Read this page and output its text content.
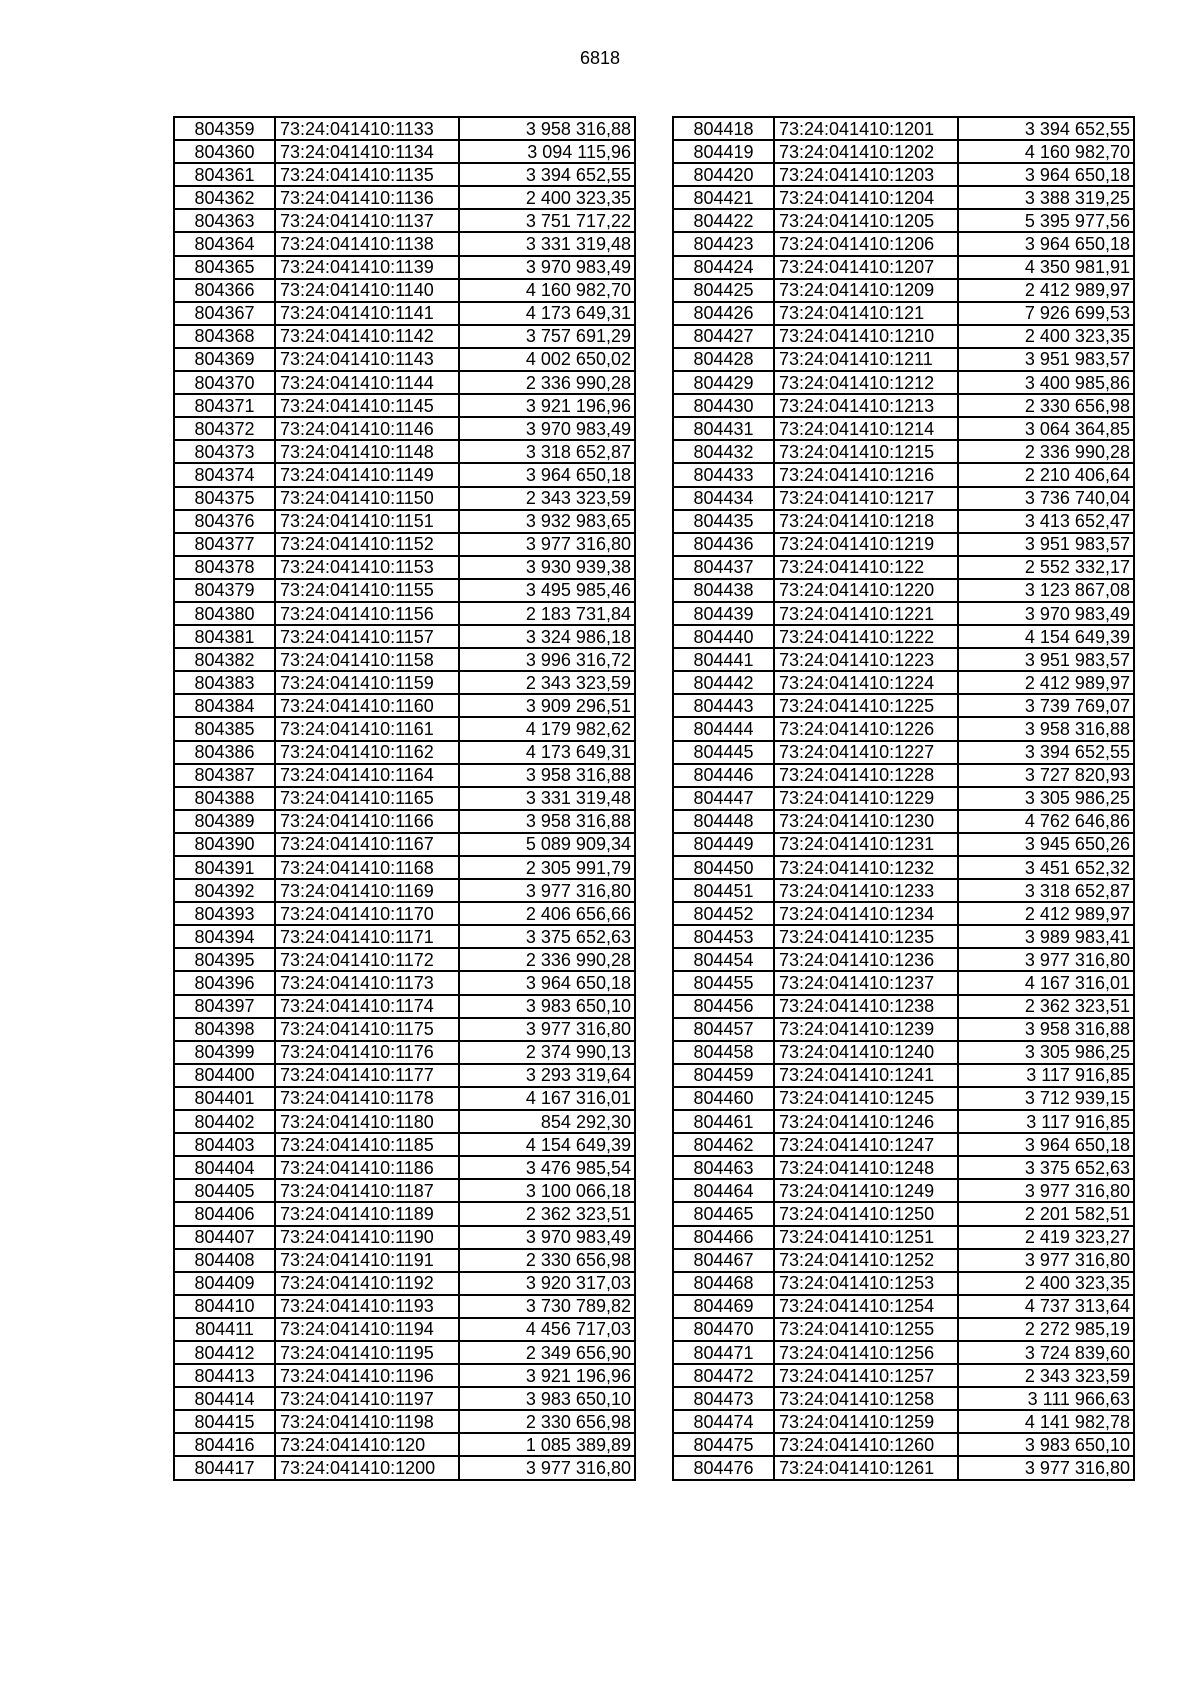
6818
804359	73:24:041410:1133	3 958 316,88
804360	73:24:041410:1134	3 094 115,96
804361	73:24:041410:1135	3 394 652,55
804362	73:24:041410:1136	2 400 323,35
804363	73:24:041410:1137	3 751 717,22
804364	73:24:041410:1138	3 331 319,48
804365	73:24:041410:1139	3 970 983,49
804366	73:24:041410:1140	4 160 982,70
804367	73:24:041410:1141	4 173 649,31
804368	73:24:041410:1142	3 757 691,29
804369	73:24:041410:1143	4 002 650,02
804370	73:24:041410:1144	2 336 990,28
804371	73:24:041410:1145	3 921 196,96
804372	73:24:041410:1146	3 970 983,49
804373	73:24:041410:1148	3 318 652,87
804374	73:24:041410:1149	3 964 650,18
804375	73:24:041410:1150	2 343 323,59
804376	73:24:041410:1151	3 932 983,65
804377	73:24:041410:1152	3 977 316,80
804378	73:24:041410:1153	3 930 939,38
804379	73:24:041410:1155	3 495 985,46
804380	73:24:041410:1156	2 183 731,84
804381	73:24:041410:1157	3 324 986,18
804382	73:24:041410:1158	3 996 316,72
804383	73:24:041410:1159	2 343 323,59
804384	73:24:041410:1160	3 909 296,51
804385	73:24:041410:1161	4 179 982,62
804386	73:24:041410:1162	4 173 649,31
804387	73:24:041410:1164	3 958 316,88
804388	73:24:041410:1165	3 331 319,48
804389	73:24:041410:1166	3 958 316,88
804390	73:24:041410:1167	5 089 909,34
804391	73:24:041410:1168	2 305 991,79
804392	73:24:041410:1169	3 977 316,80
804393	73:24:041410:1170	2 406 656,66
804394	73:24:041410:1171	3 375 652,63
804395	73:24:041410:1172	2 336 990,28
804396	73:24:041410:1173	3 964 650,18
804397	73:24:041410:1174	3 983 650,10
804398	73:24:041410:1175	3 977 316,80
804399	73:24:041410:1176	2 374 990,13
804400	73:24:041410:1177	3 293 319,64
804401	73:24:041410:1178	4 167 316,01
804402	73:24:041410:1180	854 292,30
804403	73:24:041410:1185	4 154 649,39
804404	73:24:041410:1186	3 476 985,54
804405	73:24:041410:1187	3 100 066,18
804406	73:24:041410:1189	2 362 323,51
804407	73:24:041410:1190	3 970 983,49
804408	73:24:041410:1191	2 330 656,98
804409	73:24:041410:1192	3 920 317,03
804410	73:24:041410:1193	3 730 789,82
804411	73:24:041410:1194	4 456 717,03
804412	73:24:041410:1195	2 349 656,90
804413	73:24:041410:1196	3 921 196,96
804414	73:24:041410:1197	3 983 650,10
804415	73:24:041410:1198	2 330 656,98
804416	73:24:041410:120	1 085 389,89
804417	73:24:041410:1200	3 977 316,80
804418	73:24:041410:1201	3 394 652,55
804419	73:24:041410:1202	4 160 982,70
804420	73:24:041410:1203	3 964 650,18
804421	73:24:041410:1204	3 388 319,25
804422	73:24:041410:1205	5 395 977,56
804423	73:24:041410:1206	3 964 650,18
804424	73:24:041410:1207	4 350 981,91
804425	73:24:041410:1209	2 412 989,97
804426	73:24:041410:121	7 926 699,53
804427	73:24:041410:1210	2 400 323,35
804428	73:24:041410:1211	3 951 983,57
804429	73:24:041410:1212	3 400 985,86
804430	73:24:041410:1213	2 330 656,98
804431	73:24:041410:1214	3 064 364,85
804432	73:24:041410:1215	2 336 990,28
804433	73:24:041410:1216	2 210 406,64
804434	73:24:041410:1217	3 736 740,04
804435	73:24:041410:1218	3 413 652,47
804436	73:24:041410:1219	3 951 983,57
804437	73:24:041410:122	2 552 332,17
804438	73:24:041410:1220	3 123 867,08
804439	73:24:041410:1221	3 970 983,49
804440	73:24:041410:1222	4 154 649,39
804441	73:24:041410:1223	3 951 983,57
804442	73:24:041410:1224	2 412 989,97
804443	73:24:041410:1225	3 739 769,07
804444	73:24:041410:1226	3 958 316,88
804445	73:24:041410:1227	3 394 652,55
804446	73:24:041410:1228	3 727 820,93
804447	73:24:041410:1229	3 305 986,25
804448	73:24:041410:1230	4 762 646,86
804449	73:24:041410:1231	3 945 650,26
804450	73:24:041410:1232	3 451 652,32
804451	73:24:041410:1233	3 318 652,87
804452	73:24:041410:1234	2 412 989,97
804453	73:24:041410:1235	3 989 983,41
804454	73:24:041410:1236	3 977 316,80
804455	73:24:041410:1237	4 167 316,01
804456	73:24:041410:1238	2 362 323,51
804457	73:24:041410:1239	3 958 316,88
804458	73:24:041410:1240	3 305 986,25
804459	73:24:041410:1241	3 117 916,85
804460	73:24:041410:1245	3 712 939,15
804461	73:24:041410:1246	3 117 916,85
804462	73:24:041410:1247	3 964 650,18
804463	73:24:041410:1248	3 375 652,63
804464	73:24:041410:1249	3 977 316,80
804465	73:24:041410:1250	2 201 582,51
804466	73:24:041410:1251	2 419 323,27
804467	73:24:041410:1252	3 977 316,80
804468	73:24:041410:1253	2 400 323,35
804469	73:24:041410:1254	4 737 313,64
804470	73:24:041410:1255	2 272 985,19
804471	73:24:041410:1256	3 724 839,60
804472	73:24:041410:1257	2 343 323,59
804473	73:24:041410:1258	3 111 966,63
804474	73:24:041410:1259	4 141 982,78
804475	73:24:041410:1260	3 983 650,10
804476	73:24:041410:1261	3 977 316,80
